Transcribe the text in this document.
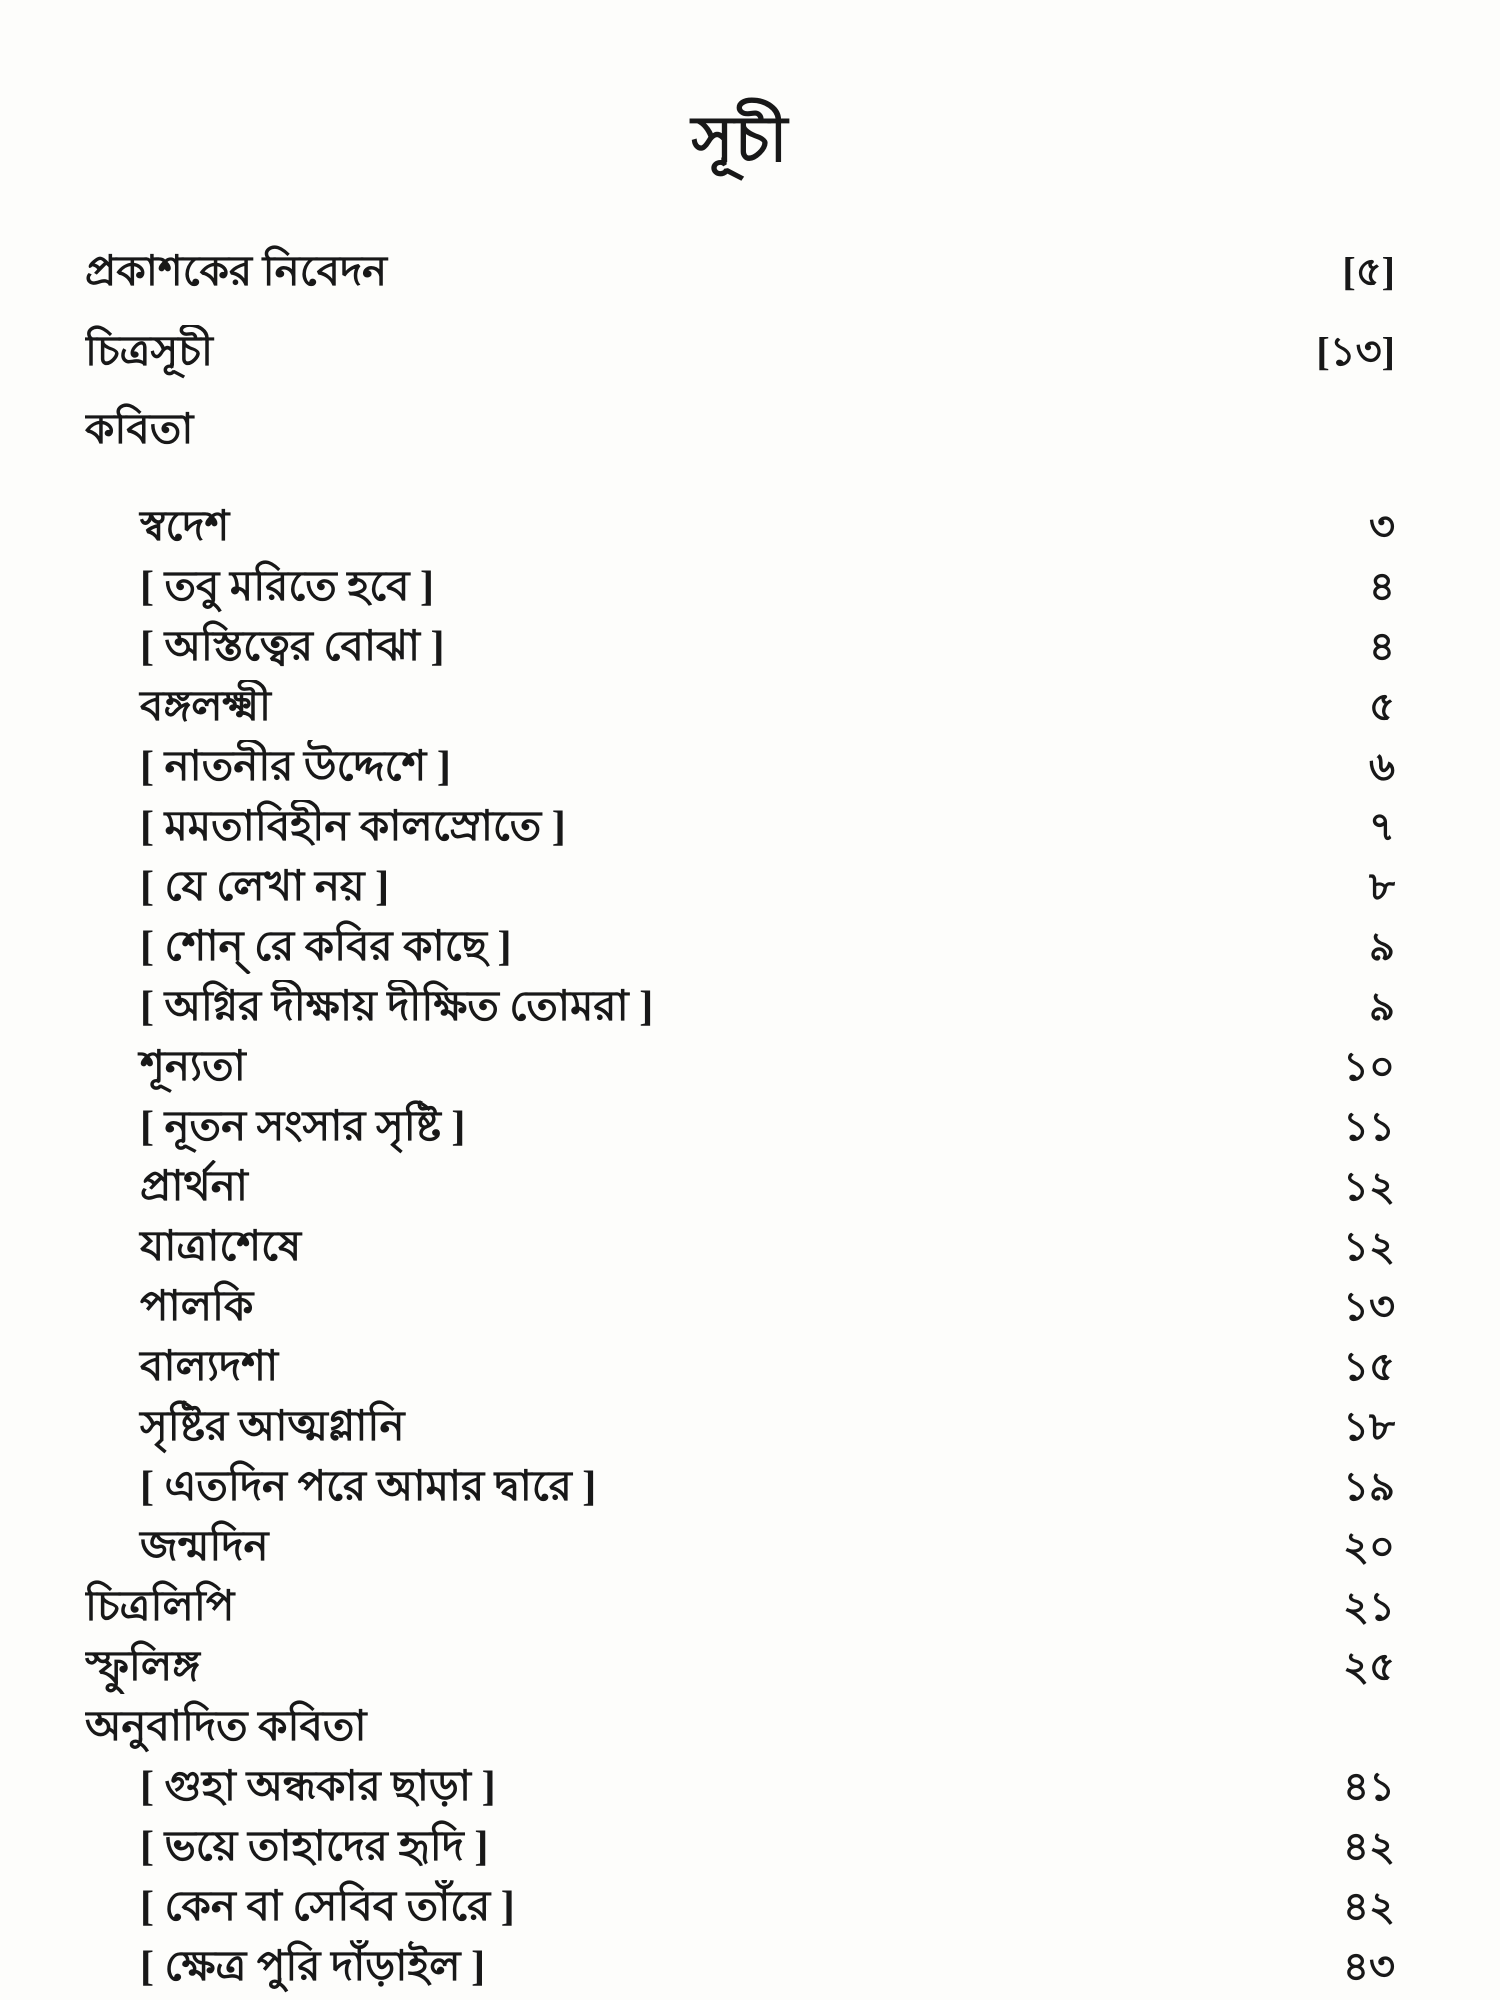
সূচী
প্রকাশকের নিবেদন	[৫]
চিত্রসূচী	[১৩]
কবিতা
স্বদেশ	৩
[ তবু মরিতে হবে ]	৪
[ অস্তিত্বের বোঝা ]	৪
বঙ্গলক্ষ্মী	৫
[ নাতনীর উদ্দেশে ]	৬
[ মমতাবিহীন কালস্রোতে ]	৭
[ যে লেখা নয় ]	৮
[ শোন্ রে কবির কাছে ]	৯
[ অগ্নির দীক্ষায় দীক্ষিত তোমরা ]	৯
শূন্যতা	১০
[ নূতন সংসার সৃষ্টি ]	১১
প্রার্থনা	১২
যাত্রাশেষে	১২
পালকি	১৩
বাল্যদশা	১৫
সৃষ্টির আত্মগ্লানি	১৮
[ এতদিন পরে আমার দ্বারে ]	১৯
জন্মদিন	২০
চিত্রলিপি	২১
স্ফুলিঙ্গ	২৫
অনুবাদিত কবিতা
[ গুহা অন্ধকার ছাড়া ]	৪১
[ ভয়ে তাহাদের হৃদি ]	৪২
[ কেন বা সেবিব তাঁরে ]	৪২
[ ক্ষেত্র পুরি দাঁড়াইল ]	৪৩
